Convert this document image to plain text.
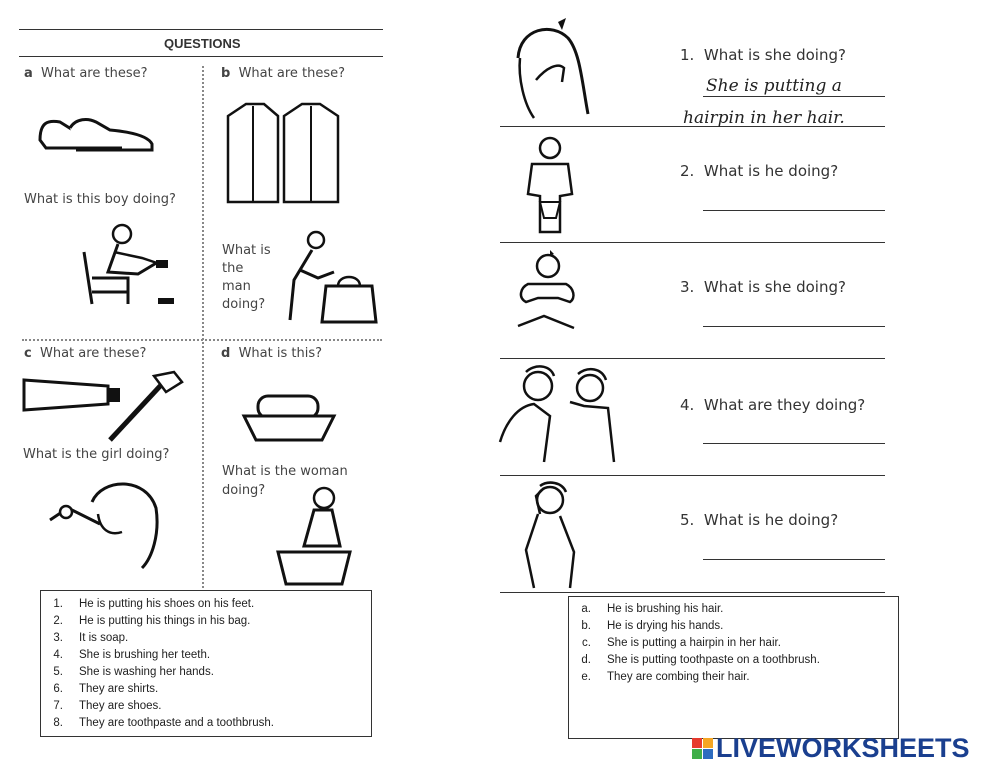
QUESTIONS
a What are these?
What is this boy doing?
b What are these?
What is
the
man
doing?
c What are these?
What is the girl doing?
d What is this?
What is the woman
doing?
1.	He is putting his shoes on his feet.
2.	He is putting his things in his bag.
3.	It is soap.
4.	She is brushing her teeth.
5.	She is washing her hands.
6.	They are shirts.
7.	They are shoes.
8.	They are toothpaste and a toothbrush.
1. What is she doing?
She is putting a
hairpin in her hair.
2. What is he doing?
3. What is she doing?
4. What are they doing?
5. What is he doing?
a.	He is brushing his hair.
b.	He is drying his hands.
c.	She is putting a hairpin in her hair.
d.	She is putting toothpaste on a toothbrush.
e.	They are combing their hair.
LIVEWORKSHEETS
